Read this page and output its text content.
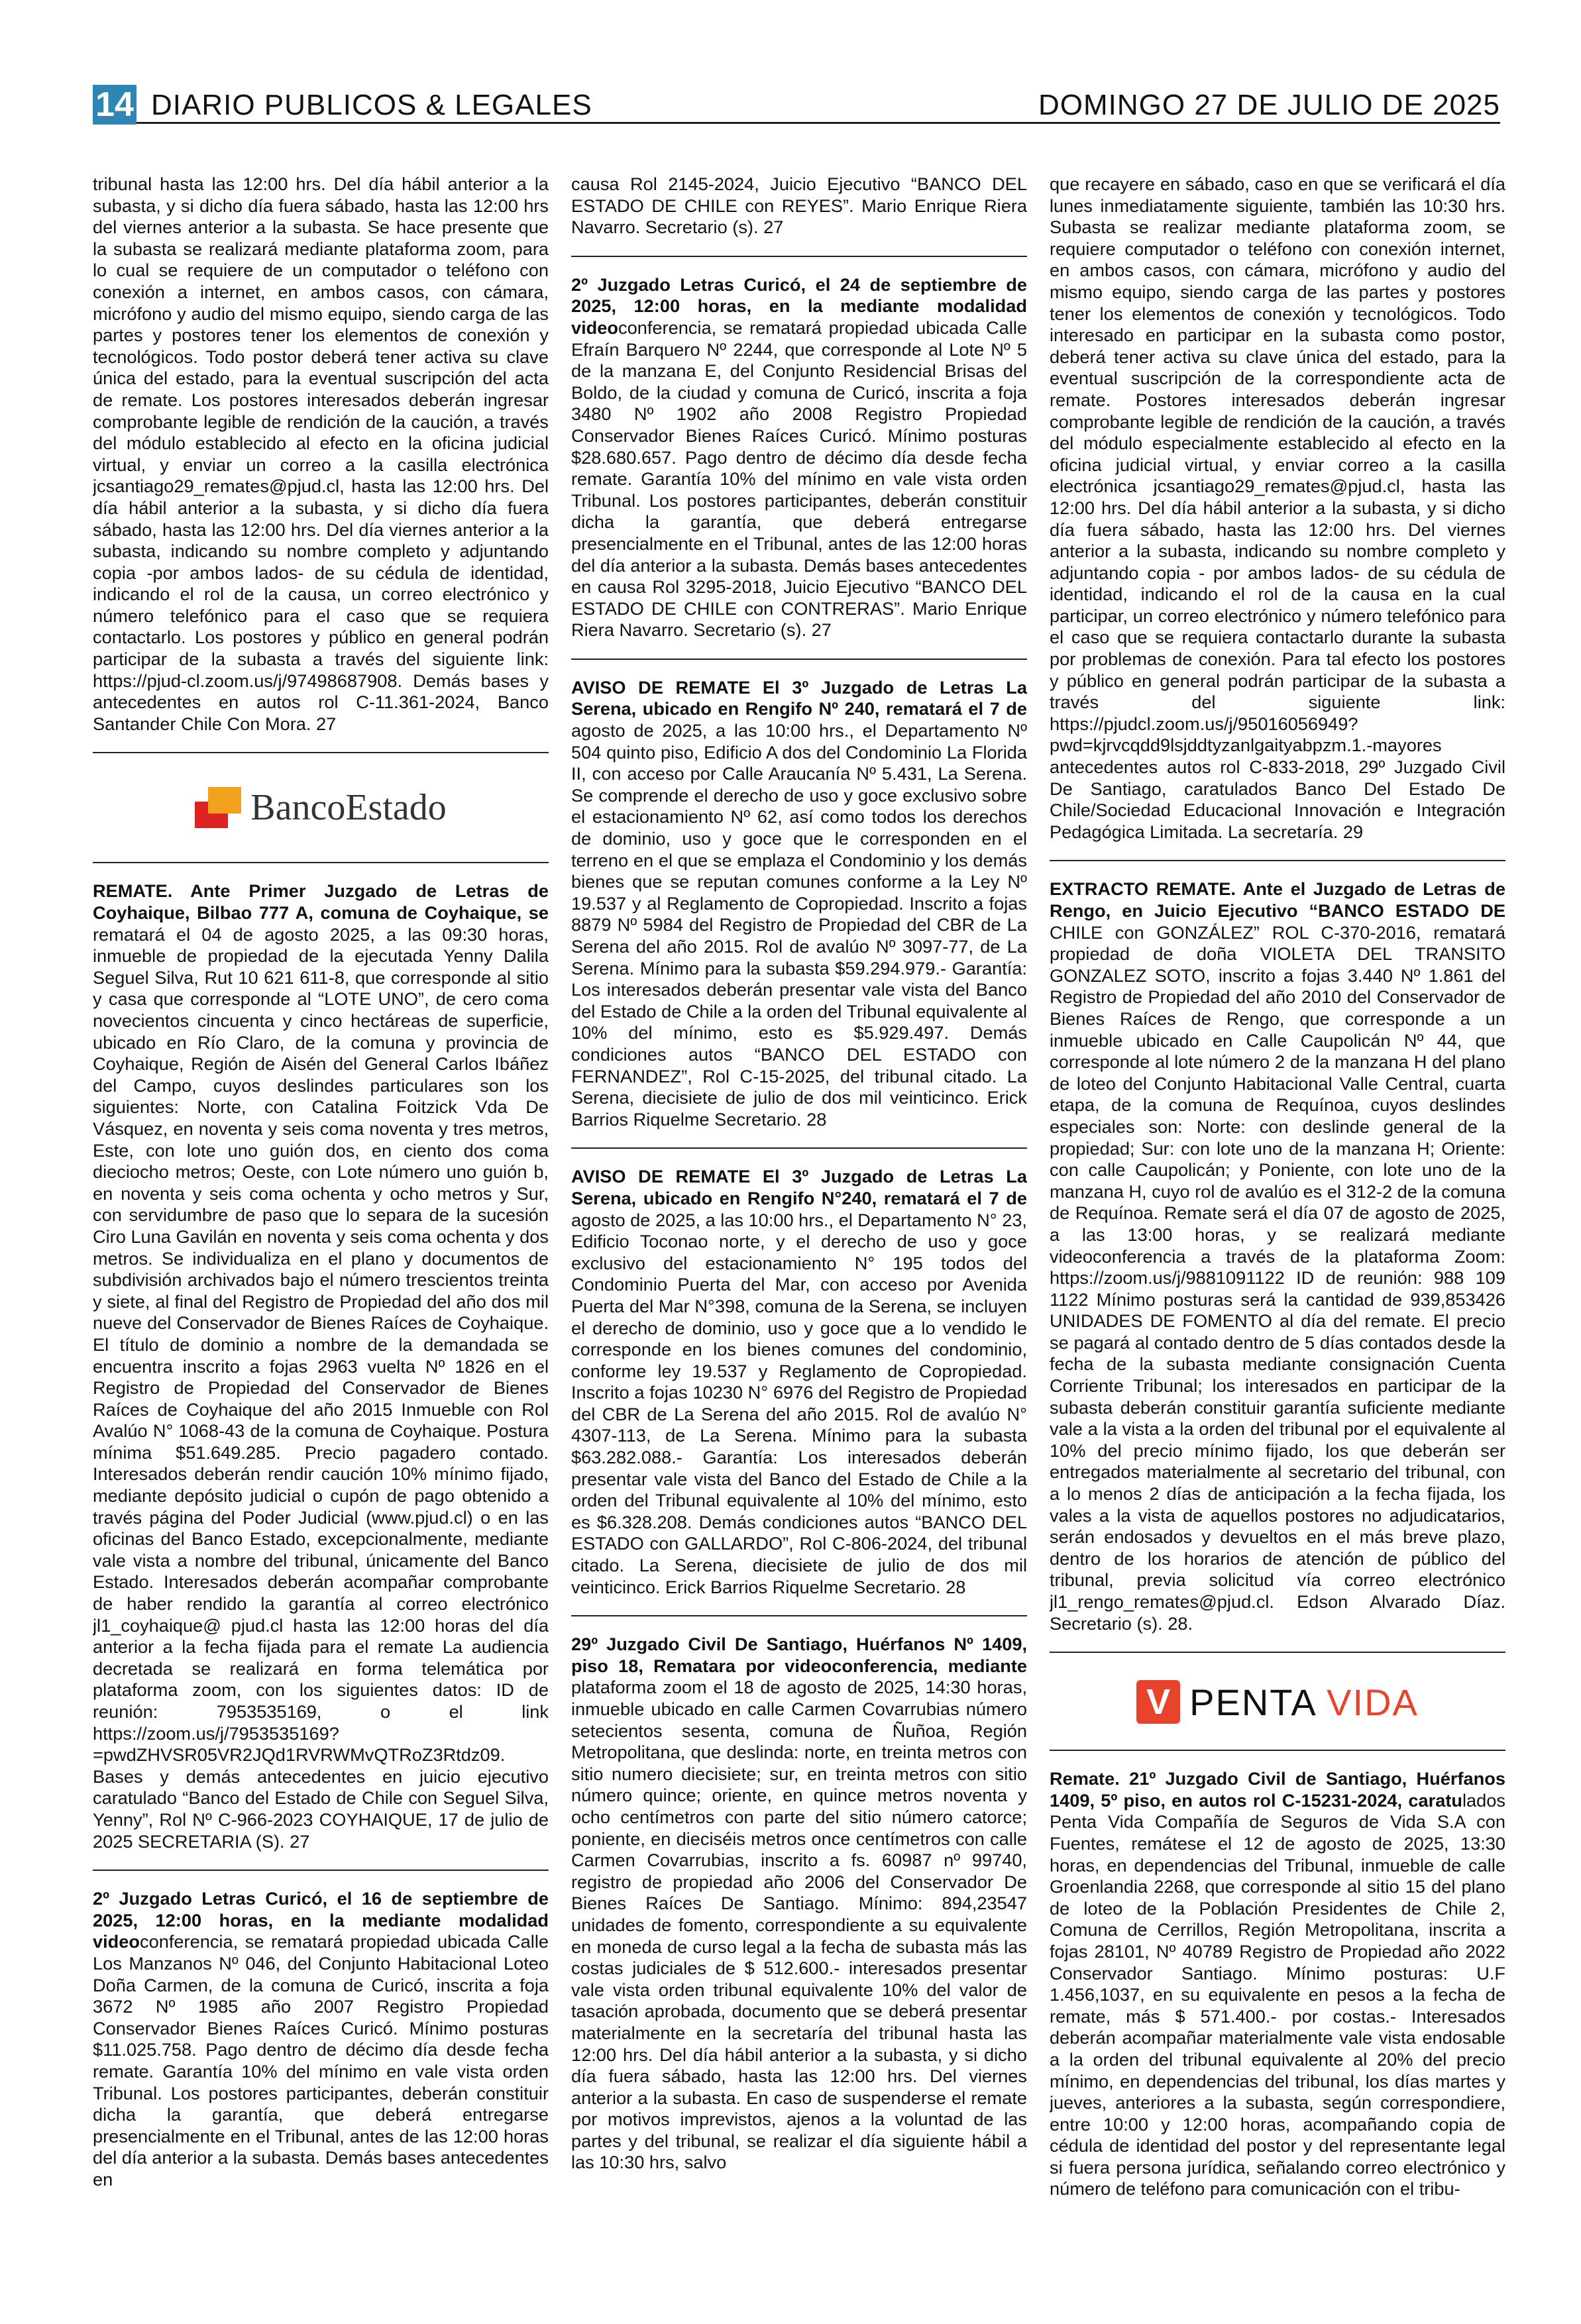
14 DIARIO PUBLICOS & LEGALES	DOMINGO 27 DE JULIO DE 2025

tribunal hasta las 12:00 hrs. Del día hábil anterior a la subasta, y si dicho día fuera sábado, hasta las 12:00 hrs del viernes anterior a la subasta. Se hace presente que la subasta se realizará mediante plataforma zoom, para lo cual se requiere de un computador o teléfono con conexión a internet, en ambos casos, con cámara, micrófono y audio del mismo equipo, siendo carga de las partes y postores tener los elementos de conexión y tecnológicos. Todo postor deberá tener activa su clave única del estado, para la eventual suscripción del acta de remate. Los postores interesados deberán ingresar comprobante legible de rendición de la caución, a través del módulo establecido al efecto en la oficina judicial virtual, y enviar un correo a la casilla electrónica jcsantiago29_remates@pjud.cl, hasta las 12:00 hrs. Del día hábil anterior a la subasta, y si dicho día fuera sábado, hasta las 12:00 hrs. Del día viernes anterior a la subasta, indicando su nombre completo y adjuntando copia -por ambos lados- de su cédula de identidad, indicando el rol de la causa, un correo electrónico y número telefónico para el caso que se requiera contactarlo. Los postores y público en general podrán participar de la subasta a través del siguiente link: https://pjud-cl.zoom.us/j/97498687908. Demás bases y antecedentes en autos rol C-11.361-2024, Banco Santander Chile Con Mora. 27

BancoEstado

REMATE. Ante Primer Juzgado de Letras de Coyhaique, Bilbao 777 A, comuna de Coyhaique, se rematará el 04 de agosto 2025, a las 09:30 horas, inmueble de propiedad de la ejecutada Yenny Dalila Seguel Silva, Rut 10 621 611-8, que corresponde al sitio y casa que corresponde al “LOTE UNO”, de cero coma novecientos cincuenta y cinco hectáreas de superficie, ubicado en Río Claro, de la comuna y provincia de Coyhaique, Región de Aisén del General Carlos Ibáñez del Campo, cuyos deslindes particulares son los siguientes: Norte, con Catalina Foitzick Vda De Vásquez, en noventa y seis coma noventa y tres metros, Este, con lote uno guión dos, en ciento dos coma dieciocho metros; Oeste, con Lote número uno guión b, en noventa y seis coma ochenta y ocho metros y Sur, con servidumbre de paso que lo separa de la sucesión Ciro Luna Gavilán en noventa y seis coma ochenta y dos metros. Se individualiza en el plano y documentos de subdivisión archivados bajo el número trescientos treinta y siete, al final del Registro de Propiedad del año dos mil nueve del Conservador de Bienes Raíces de Coyhaique. El título de dominio a nombre de la demandada se encuentra inscrito a fojas 2963 vuelta Nº 1826 en el Registro de Propiedad del Conservador de Bienes Raíces de Coyhaique del año 2015 Inmueble con Rol Avalúo N° 1068-43 de la comuna de Coyhaique. Postura mínima $51.649.285. Precio pagadero contado. Interesados deberán rendir caución 10% mínimo fijado, mediante depósito judicial o cupón de pago obtenido a través página del Poder Judicial (www.pjud.cl) o en las oficinas del Banco Estado, excepcionalmente, mediante vale vista a nombre del tribunal, únicamente del Banco Estado. Interesados deberán acompañar comprobante de haber rendido la garantía al correo electrónico jl1_coyhaique@ pjud.cl hasta las 12:00 horas del día anterior a la fecha fijada para el remate La audiencia decretada se realizará en forma telemática por plataforma zoom, con los siguientes datos: ID de reunión: 7953535169, o el link https://zoom.us/j/7953535169?=pwdZHVSR05VR2JQd1RVRWMvQTRoZ3Rtdz09. Bases y demás antecedentes en juicio ejecutivo caratulado “Banco del Estado de Chile con Seguel Silva, Yenny”, Rol Nº C-966-2023 COYHAIQUE, 17 de julio de 2025 SECRETARIA (S). 27

2º Juzgado Letras Curicó, el 16 de septiembre de 2025, 12:00 horas, en la mediante modalidad videoconferencia, se rematará propiedad ubicada Calle Los Manzanos Nº 046, del Conjunto Habitacional Loteo Doña Carmen, de la comuna de Curicó, inscrita a foja 3672 Nº 1985 año 2007 Registro Propiedad Conservador Bienes Raíces Curicó. Mínimo posturas $11.025.758. Pago dentro de décimo día desde fecha remate. Garantía 10% del mínimo en vale vista orden Tribunal. Los postores participantes, deberán constituir dicha la garantía, que deberá entregarse presencialmente en el Tribunal, antes de las 12:00 horas del día anterior a la subasta. Demás bases antecedentes en

causa Rol 2145-2024, Juicio Ejecutivo “BANCO DEL ESTADO DE CHILE con REYES”. Mario Enrique Riera Navarro. Secretario (s). 27

2º Juzgado Letras Curicó, el 24 de septiembre de 2025, 12:00 horas, en la mediante modalidad videoconferencia, se rematará propiedad ubicada Calle Efraín Barquero Nº 2244, que corresponde al Lote Nº 5 de la manzana E, del Conjunto Residencial Brisas del Boldo, de la ciudad y comuna de Curicó, inscrita a foja 3480 Nº 1902 año 2008 Registro Propiedad Conservador Bienes Raíces Curicó. Mínimo posturas $28.680.657. Pago dentro de décimo día desde fecha remate. Garantía 10% del mínimo en vale vista orden Tribunal. Los postores participantes, deberán constituir dicha la garantía, que deberá entregarse presencialmente en el Tribunal, antes de las 12:00 horas del día anterior a la subasta. Demás bases antecedentes en causa Rol 3295-2018, Juicio Ejecutivo “BANCO DEL ESTADO DE CHILE con CONTRERAS”. Mario Enrique Riera Navarro. Secretario (s). 27

AVISO DE REMATE El 3º Juzgado de Letras La Serena, ubicado en Rengifo Nº 240, rematará el 7 de agosto de 2025, a las 10:00 hrs., el Departamento Nº 504 quinto piso, Edificio A dos del Condominio La Florida II, con acceso por Calle Araucanía Nº 5.431, La Serena. Se comprende el derecho de uso y goce exclusivo sobre el estacionamiento Nº 62, así como todos los derechos de dominio, uso y goce que le corresponden en el terreno en el que se emplaza el Condominio y los demás bienes que se reputan comunes conforme a la Ley Nº 19.537 y al Reglamento de Copropiedad. Inscrito a fojas 8879 Nº 5984 del Registro de Propiedad del CBR de La Serena del año 2015. Rol de avalúo Nº 3097-77, de La Serena. Mínimo para la subasta $59.294.979.- Garantía: Los interesados deberán presentar vale vista del Banco del Estado de Chile a la orden del Tribunal equivalente al 10% del mínimo, esto es $5.929.497. Demás condiciones autos “BANCO DEL ESTADO con FERNANDEZ”, Rol C-15-2025, del tribunal citado. La Serena, diecisiete de julio de dos mil veinticinco. Erick Barrios Riquelme Secretario. 28

AVISO DE REMATE El 3º Juzgado de Letras La Serena, ubicado en Rengifo N°240, rematará el 7 de agosto de 2025, a las 10:00 hrs., el Departamento N° 23, Edificio Toconao norte, y el derecho de uso y goce exclusivo del estacionamiento N° 195 todos del Condominio Puerta del Mar, con acceso por Avenida Puerta del Mar N°398, comuna de la Serena, se incluyen el derecho de dominio, uso y goce que a lo vendido le corresponde en los bienes comunes del condominio, conforme ley 19.537 y Reglamento de Copropiedad. Inscrito a fojas 10230 N° 6976 del Registro de Propiedad del CBR de La Serena del año 2015. Rol de avalúo N° 4307-113, de La Serena. Mínimo para la subasta $63.282.088.- Garantía: Los interesados deberán presentar vale vista del Banco del Estado de Chile a la orden del Tribunal equivalente al 10% del mínimo, esto es $6.328.208. Demás condiciones autos “BANCO DEL ESTADO con GALLARDO”, Rol C-806-2024, del tribunal citado. La Serena, diecisiete de julio de dos mil veinticinco. Erick Barrios Riquelme Secretario. 28

29º Juzgado Civil De Santiago, Huérfanos Nº 1409, piso 18, Rematara por videoconferencia, mediante plataforma zoom el 18 de agosto de 2025, 14:30 horas, inmueble ubicado en calle Carmen Covarrubias número setecientos sesenta, comuna de Ñuñoa, Región Metropolitana, que deslinda: norte, en treinta metros con sitio numero diecisiete; sur, en treinta metros con sitio número quince; oriente, en quince metros noventa y ocho centímetros con parte del sitio número catorce; poniente, en dieciséis metros once centímetros con calle Carmen Covarrubias, inscrito a fs. 60987 nº 99740, registro de propiedad año 2006 del Conservador De Bienes Raíces De Santiago. Mínimo: 894,23547 unidades de fomento, correspondiente a su equivalente en moneda de curso legal a la fecha de subasta más las costas judiciales de $ 512.600.- interesados presentar vale vista orden tribunal equivalente 10% del valor de tasación aprobada, documento que se deberá presentar materialmente en la secretaría del tribunal hasta las 12:00 hrs. Del día hábil anterior a la subasta, y si dicho día fuera sábado, hasta las 12:00 hrs. Del viernes anterior a la subasta. En caso de suspenderse el remate por motivos imprevistos, ajenos a la voluntad de las partes y del tribunal, se realizar el día siguiente hábil a las 10:30 hrs, salvo

que recayere en sábado, caso en que se verificará el día lunes inmediatamente siguiente, también las 10:30 hrs. Subasta se realizar mediante plataforma zoom, se requiere computador o teléfono con conexión internet, en ambos casos, con cámara, micrófono y audio del mismo equipo, siendo carga de las partes y postores tener los elementos de conexión y tecnológicos. Todo interesado en participar en la subasta como postor, deberá tener activa su clave única del estado, para la eventual suscripción de la correspondiente acta de remate. Postores interesados deberán ingresar comprobante legible de rendición de la caución, a través del módulo especialmente establecido al efecto en la oficina judicial virtual, y enviar correo a la casilla electrónica jcsantiago29_remates@pjud.cl, hasta las 12:00 hrs. Del día hábil anterior a la subasta, y si dicho día fuera sábado, hasta las 12:00 hrs. Del viernes anterior a la subasta, indicando su nombre completo y adjuntando copia - por ambos lados- de su cédula de identidad, indicando el rol de la causa en la cual participar, un correo electrónico y número telefónico para el caso que se requiera contactarlo durante la subasta por problemas de conexión. Para tal efecto los postores y público en general podrán participar de la subasta a través del siguiente link: https://pjudcl.zoom.us/j/95016056949?pwd=kjrvcqdd9lsjddtyzanlgaityabpzm.1.-mayores antecedentes autos rol C-833-2018, 29º Juzgado Civil De Santiago, caratulados Banco Del Estado De Chile/Sociedad Educacional Innovación e Integración Pedagógica Limitada. La secretaría. 29

EXTRACTO REMATE. Ante el Juzgado de Letras de Rengo, en Juicio Ejecutivo “BANCO ESTADO DE CHILE con GONZÁLEZ” ROL C-370-2016, rematará propiedad de doña VIOLETA DEL TRANSITO GONZALEZ SOTO, inscrito a fojas 3.440 Nº 1.861 del Registro de Propiedad del año 2010 del Conservador de Bienes Raíces de Rengo, que corresponde a un inmueble ubicado en Calle Caupolicán Nº 44, que corresponde al lote número 2 de la manzana H del plano de loteo del Conjunto Habitacional Valle Central, cuarta etapa, de la comuna de Requínoa, cuyos deslindes especiales son: Norte: con deslinde general de la propiedad; Sur: con lote uno de la manzana H; Oriente: con calle Caupolicán; y Poniente, con lote uno de la manzana H, cuyo rol de avalúo es el 312-2 de la comuna de Requínoa. Remate será el día 07 de agosto de 2025, a las 13:00 horas, y se realizará mediante videoconferencia a través de la plataforma Zoom: https://zoom.us/j/9881091122 ID de reunión: 988 109 1122 Mínimo posturas será la cantidad de 939,853426 UNIDADES DE FOMENTO al día del remate. El precio se pagará al contado dentro de 5 días contados desde la fecha de la subasta mediante consignación Cuenta Corriente Tribunal; los interesados en participar de la subasta deberán constituir garantía suficiente mediante vale a la vista a la orden del tribunal por el equivalente al 10% del precio mínimo fijado, los que deberán ser entregados materialmente al secretario del tribunal, con a lo menos 2 días de anticipación a la fecha fijada, los vales a la vista de aquellos postores no adjudicatarios, serán endosados y devueltos en el más breve plazo, dentro de los horarios de atención de público del tribunal, previa solicitud vía correo electrónico jl1_rengo_remates@pjud.cl. Edson Alvarado Díaz. Secretario (s). 28.

V PENTA VIDA

Remate. 21º Juzgado Civil de Santiago, Huérfanos 1409, 5º piso, en autos rol C-15231-2024, caratulados Penta Vida Compañía de Seguros de Vida S.A con Fuentes, remátese el 12 de agosto de 2025, 13:30 horas, en dependencias del Tribunal, inmueble de calle Groenlandia 2268, que corresponde al sitio 15 del plano de loteo de la Población Presidentes de Chile 2, Comuna de Cerrillos, Región Metropolitana, inscrita a fojas 28101, Nº 40789 Registro de Propiedad año 2022 Conservador Santiago. Mínimo posturas: U.F 1.456,1037, en su equivalente en pesos a la fecha de remate, más $ 571.400.- por costas.- Interesados deberán acompañar materialmente vale vista endosable a la orden del tribunal equivalente al 20% del precio mínimo, en dependencias del tribunal, los días martes y jueves, anteriores a la subasta, según correspondiere, entre 10:00 y 12:00 horas, acompañando copia de cédula de identidad del postor y del representante legal si fuera persona jurídica, señalando correo electrónico y número de teléfono para comunicación con el tribu-
